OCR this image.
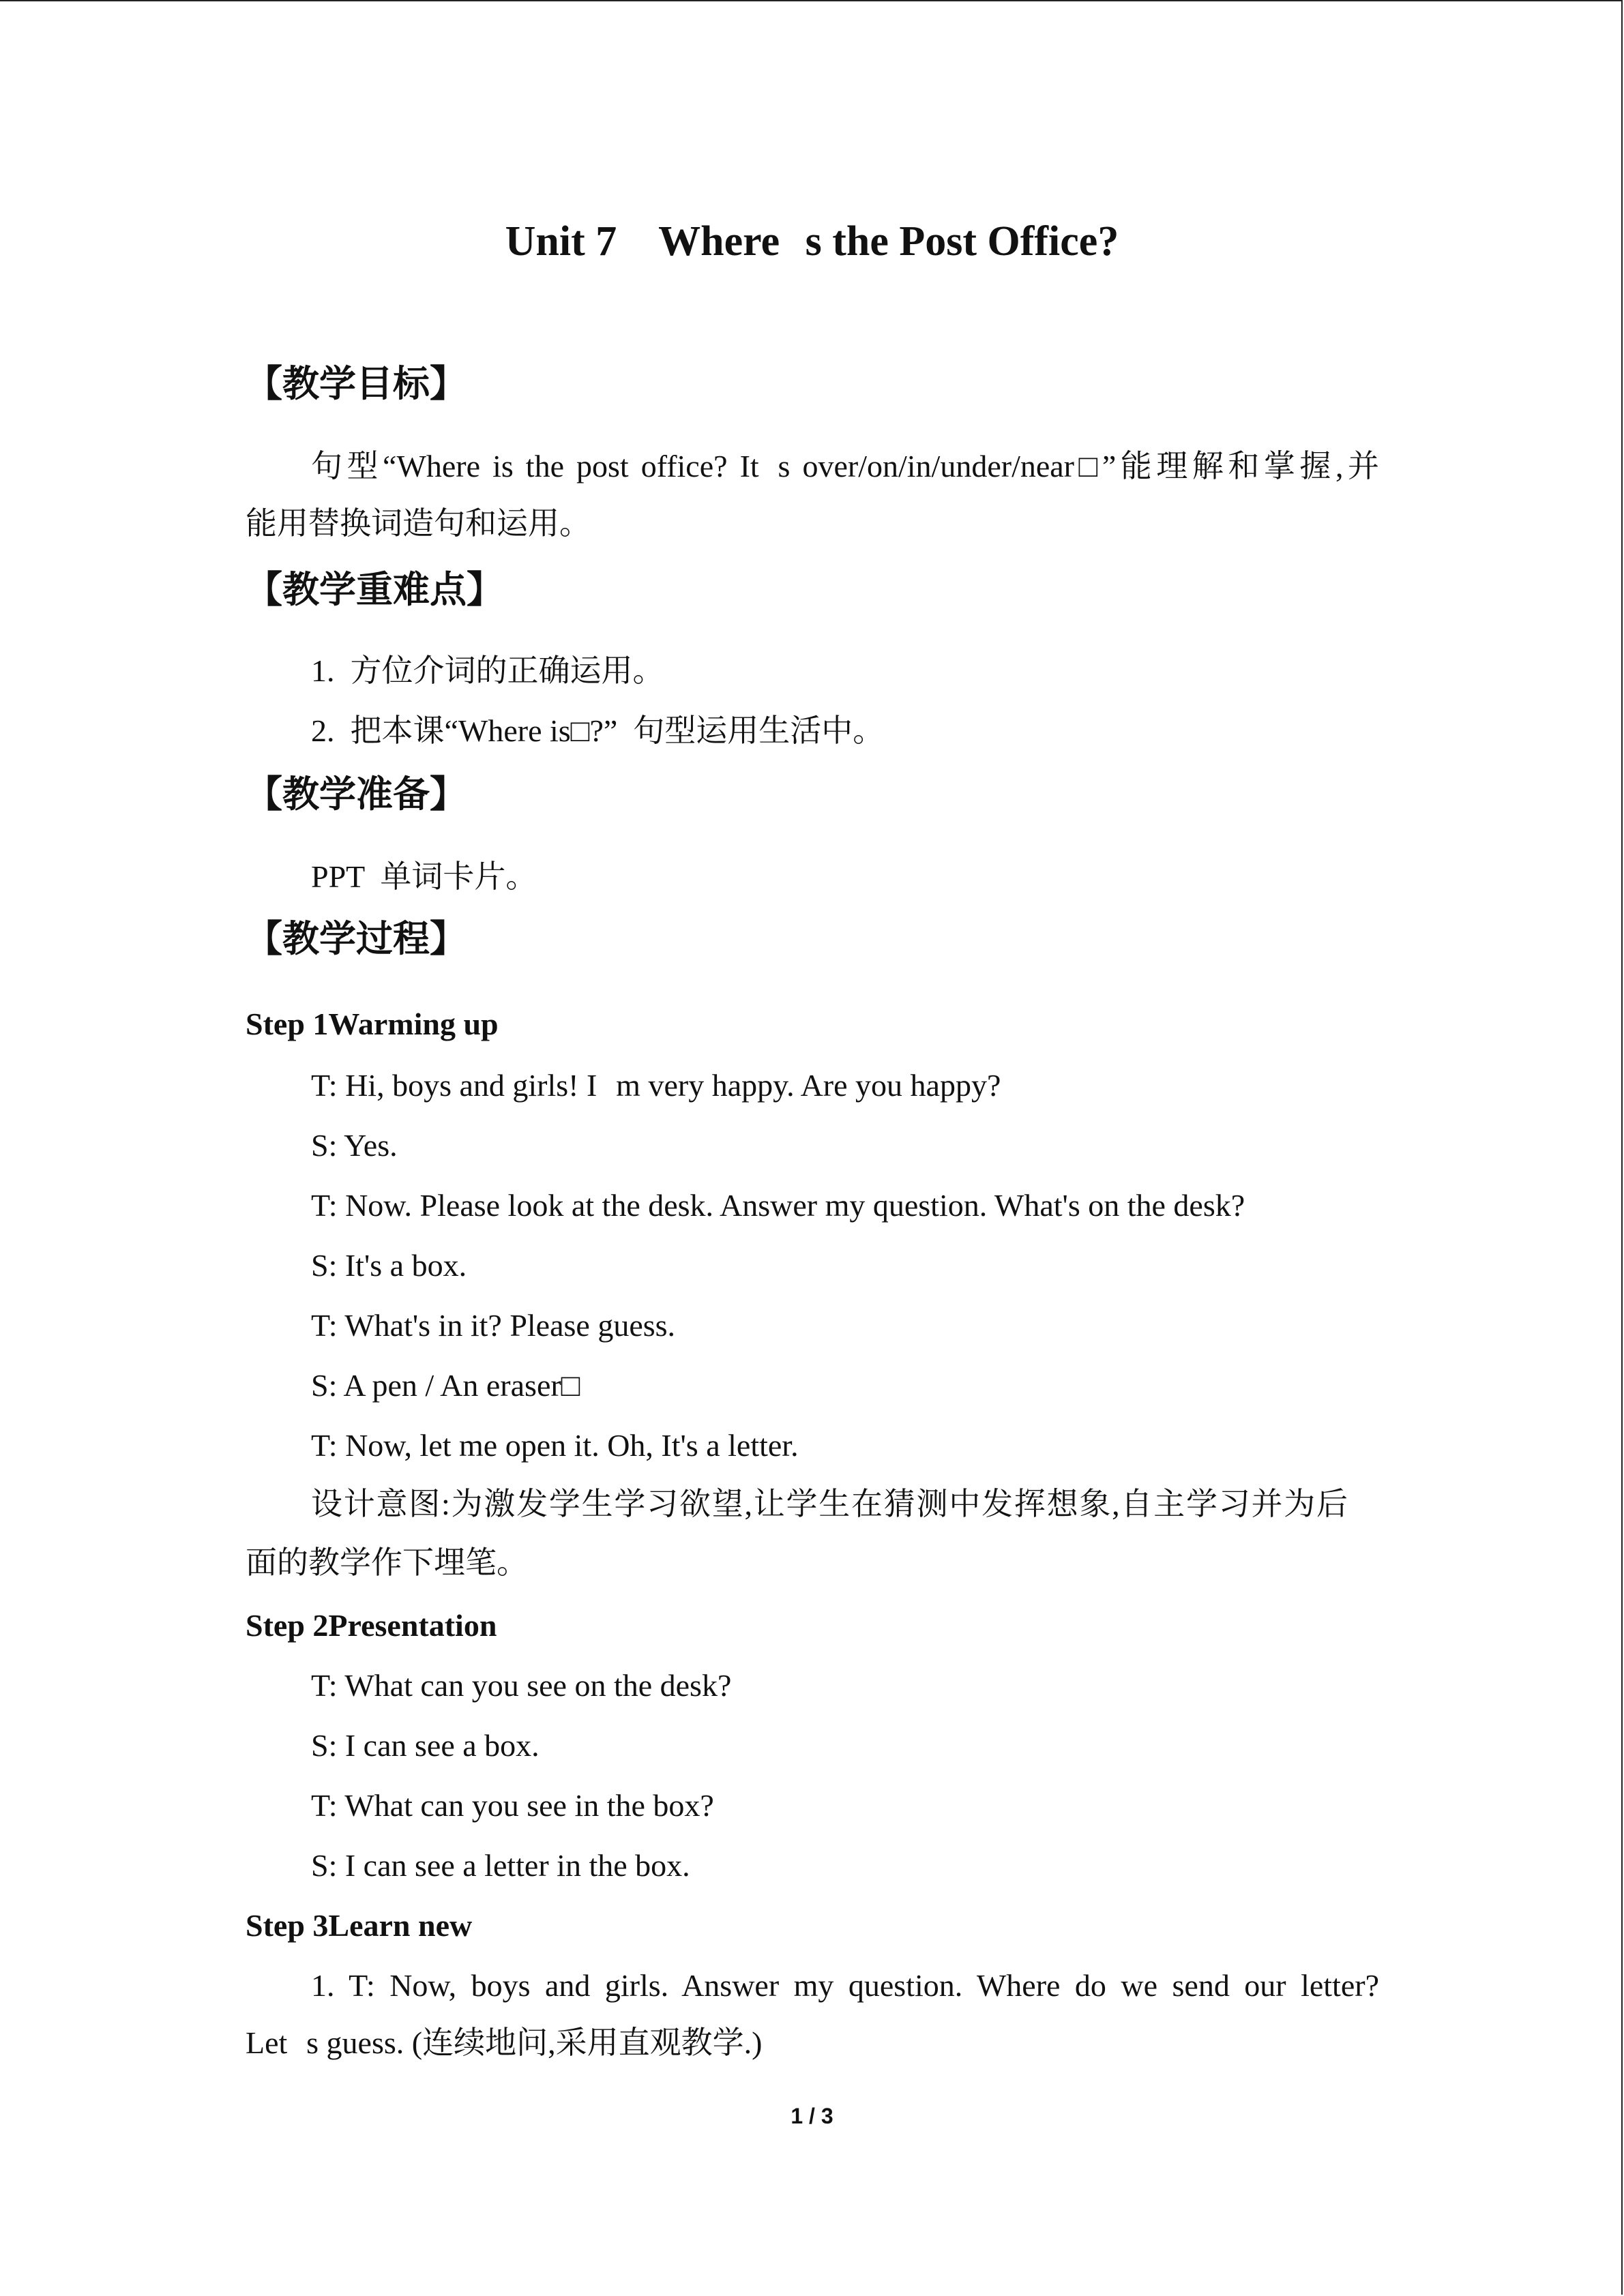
Unit 7    Wheres the Post Office?
【教学目标】
句型“Where is the post office? Its over/on/in/under/near□”能理解和掌握,并
能用替换词造句和运用。
【教学重难点】
1.  方位介词的正确运用。
2.  把本课“Where is□?”  句型运用生活中。
【教学准备】
PPT  单词卡片。
【教学过程】
Step 1Warming up
T: Hi, boys and girls! Im very happy. Are you happy?
S: Yes.
T: Now. Please look at the desk. Answer my question. What's on the desk?
S: It's a box.
T: What's in it? Please guess.
S: A pen / An eraser□
T: Now, let me open it. Oh, It's a letter.
设计意图:为激发学生学习欲望,让学生在猜测中发挥想象,自主学习并为后
面的教学作下埋笔。
Step 2Presentation
T: What can you see on the desk?
S: I can see a box.
T: What can you see in the box?
S: I can see a letter in the box.
Step 3Learn new
1. T: Now, boys and girls. Answer my question. Where do we send our letter?
Lets guess. (连续地问,采用直观教学.)
1 / 3
